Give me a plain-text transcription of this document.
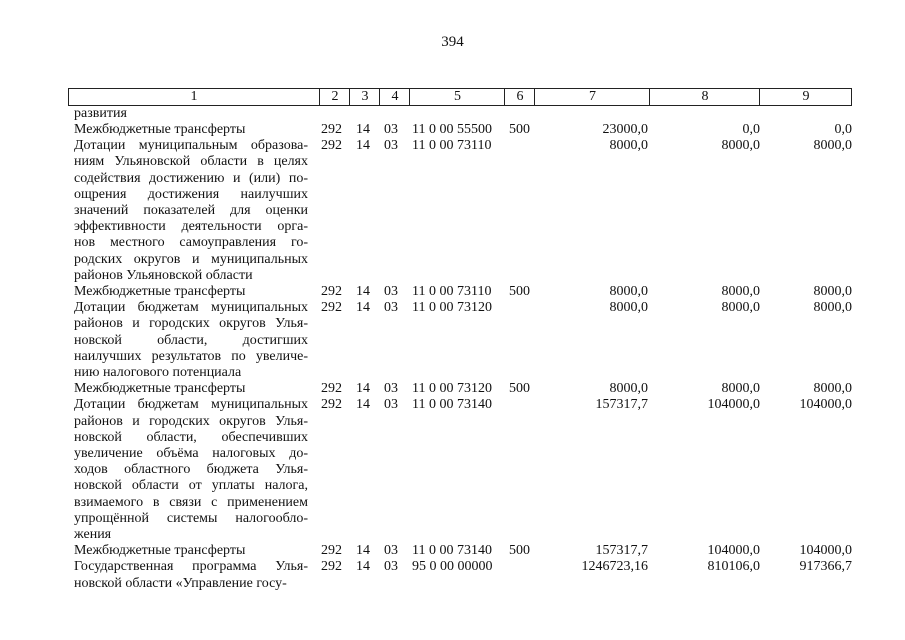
394
1	2	3	4	5	6	7	8	9
развития
Межбюджетные трансферты	292 14 03 11 0 00 55500 500	23000,0	0,0	0,0
Дотации муниципальным образова-
ниям Ульяновской области в целях
содействия достижению и (или) по-
ощрения достижения наилучших
значений показателей для оценки
эффективности деятельности орга-
нов местного самоуправления го-
родских округов и муниципальных
районов Ульяновской области
292 14 03 11 0 00 73110	8000,0	8000,0	8000,0
Межбюджетные трансферты	292 14 03 11 0 00 73110 500	8000,0	8000,0	8000,0
Дотации бюджетам муниципальных
районов и городских округов Улья-
новской области, достигших
наилучших результатов по увеличе-
нию налогового потенциала
292 14 03 11 0 00 73120	8000,0	8000,0	8000,0
Межбюджетные трансферты	292 14 03 11 0 00 73120 500	8000,0	8000,0	8000,0
Дотации бюджетам муниципальных
районов и городских округов Улья-
новской области, обеспечивших
увеличение объёма налоговых до-
ходов областного бюджета Улья-
новской области от уплаты налога,
взимаемого в связи с применением
упрощённой системы налогообло-
жения
292 14 03 11 0 00 73140	157317,7	104000,0	104000,0
Межбюджетные трансферты	292 14 03 11 0 00 73140 500	157317,7	104000,0	104000,0
Государственная программа Улья-
новской области «Управление госу-
292 14 03 95 0 00 00000	1246723,16	810106,0	917366,7
